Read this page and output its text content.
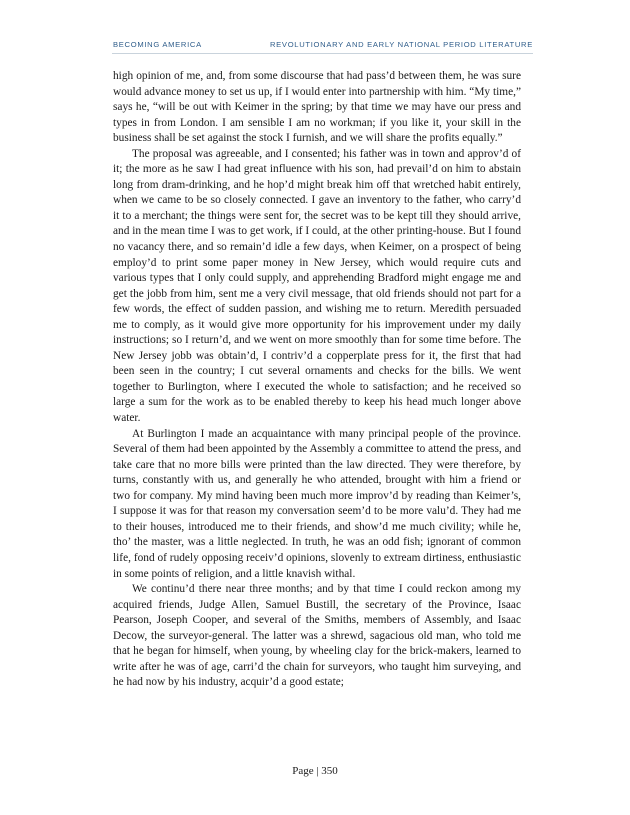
BECOMING AMERICA	REVOLUTIONARY AND EARLY NATIONAL PERIOD LITERATURE

high opinion of me, and, from some discourse that had pass’d between them, he was sure would advance money to set us up, if I would enter into partnership with him. “My time,” says he, “will be out with Keimer in the spring; by that time we may have our press and types in from London. I am sensible I am no workman; if you like it, your skill in the business shall be set against the stock I furnish, and we will share the profits equally.”

The proposal was agreeable, and I consented; his father was in town and approv’d of it; the more as he saw I had great influence with his son, had prevail’d on him to abstain long from dram-drinking, and he hop’d might break him off that wretched habit entirely, when we came to be so closely connected. I gave an inventory to the father, who carry’d it to a merchant; the things were sent for, the secret was to be kept till they should arrive, and in the mean time I was to get work, if I could, at the other printing-house. But I found no vacancy there, and so remain’d idle a few days, when Keimer, on a prospect of being employ’d to print some paper money in New Jersey, which would require cuts and various types that I only could supply, and apprehending Bradford might engage me and get the jobb from him, sent me a very civil message, that old friends should not part for a few words, the effect of sudden passion, and wishing me to return. Meredith persuaded me to comply, as it would give more opportunity for his improvement under my daily instructions; so I return’d, and we went on more smoothly than for some time before. The New Jersey jobb was obtain’d, I contriv’d a copperplate press for it, the first that had been seen in the country; I cut several ornaments and checks for the bills. We went together to Burlington, where I executed the whole to satisfaction; and he received so large a sum for the work as to be enabled thereby to keep his head much longer above water.

At Burlington I made an acquaintance with many principal people of the province. Several of them had been appointed by the Assembly a committee to attend the press, and take care that no more bills were printed than the law directed. They were therefore, by turns, constantly with us, and generally he who attended, brought with him a friend or two for company. My mind having been much more improv’d by reading than Keimer’s, I suppose it was for that reason my conversation seem’d to be more valu’d. They had me to their houses, introduced me to their friends, and show’d me much civility; while he, tho’ the master, was a little neglected. In truth, he was an odd fish; ignorant of common life, fond of rudely opposing receiv’d opinions, slovenly to extream dirtiness, enthusiastic in some points of religion, and a little knavish withal.

We continu’d there near three months; and by that time I could reckon among my acquired friends, Judge Allen, Samuel Bustill, the secretary of the Province, Isaac Pearson, Joseph Cooper, and several of the Smiths, members of Assembly, and Isaac Decow, the surveyor-general. The latter was a shrewd, sagacious old man, who told me that he began for himself, when young, by wheeling clay for the brick-makers, learned to write after he was of age, carri’d the chain for surveyors, who taught him surveying, and he had now by his industry, acquir’d a good estate;

Page | 350
